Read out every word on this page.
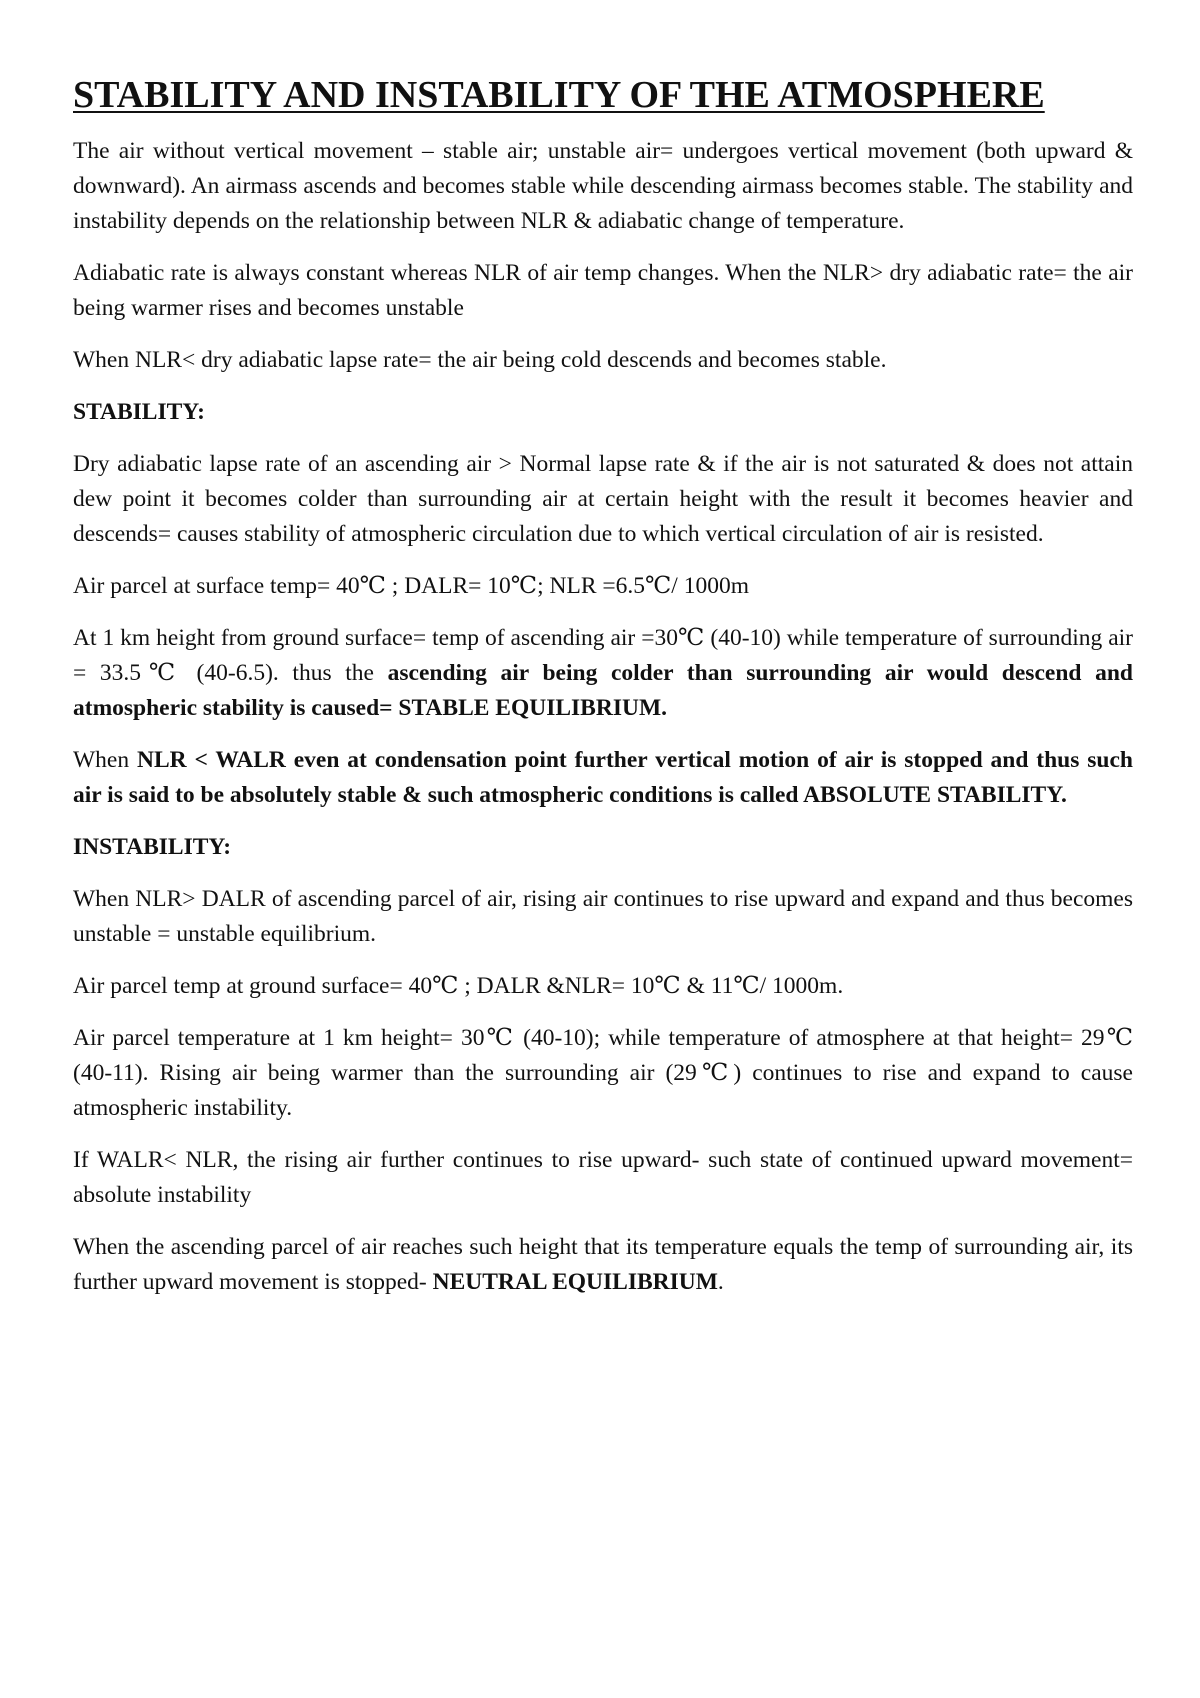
STABILITY AND INSTABILITY OF THE ATMOSPHERE

The air without vertical movement – stable air; unstable air= undergoes vertical movement (both upward & downward). An airmass ascends and becomes stable while descending airmass becomes stable. The stability and instability depends on the relationship between NLR & adiabatic change of temperature.

Adiabatic rate is always constant whereas NLR of air temp changes. When the NLR> dry adiabatic rate= the air being warmer rises and becomes unstable

When NLR< dry adiabatic lapse rate= the air being cold descends and becomes stable.

STABILITY:

Dry adiabatic lapse rate of an ascending air > Normal lapse rate & if the air is not saturated & does not attain dew point it becomes colder than surrounding air at certain height with the result it becomes heavier and descends= causes stability of atmospheric circulation due to which vertical circulation of air is resisted.

Air parcel at surface temp= 40℃ ; DALR= 10℃; NLR =6.5℃/ 1000m

At 1 km height from ground surface= temp of ascending air =30℃ (40-10) while temperature of surrounding air = 33.5℃ (40-6.5). thus the ascending air being colder than surrounding air would descend and atmospheric stability is caused= STABLE EQUILIBRIUM.

When NLR < WALR even at condensation point further vertical motion of air is stopped and thus such air is said to be absolutely stable & such atmospheric conditions is called ABSOLUTE STABILITY.

INSTABILITY:

When NLR> DALR of ascending parcel of air, rising air continues to rise upward and expand and thus becomes unstable = unstable equilibrium.

Air parcel temp at ground surface= 40℃ ; DALR &NLR= 10℃ & 11℃/ 1000m.

Air parcel temperature at 1 km height= 30℃ (40-10); while temperature of atmosphere at that height= 29℃ (40-11). Rising air being warmer than the surrounding air (29℃) continues to rise and expand to cause atmospheric instability.

If WALR< NLR, the rising air further continues to rise upward- such state of continued upward movement= absolute instability

When the ascending parcel of air reaches such height that its temperature equals the temp of surrounding air, its further upward movement is stopped- NEUTRAL EQUILIBRIUM.
